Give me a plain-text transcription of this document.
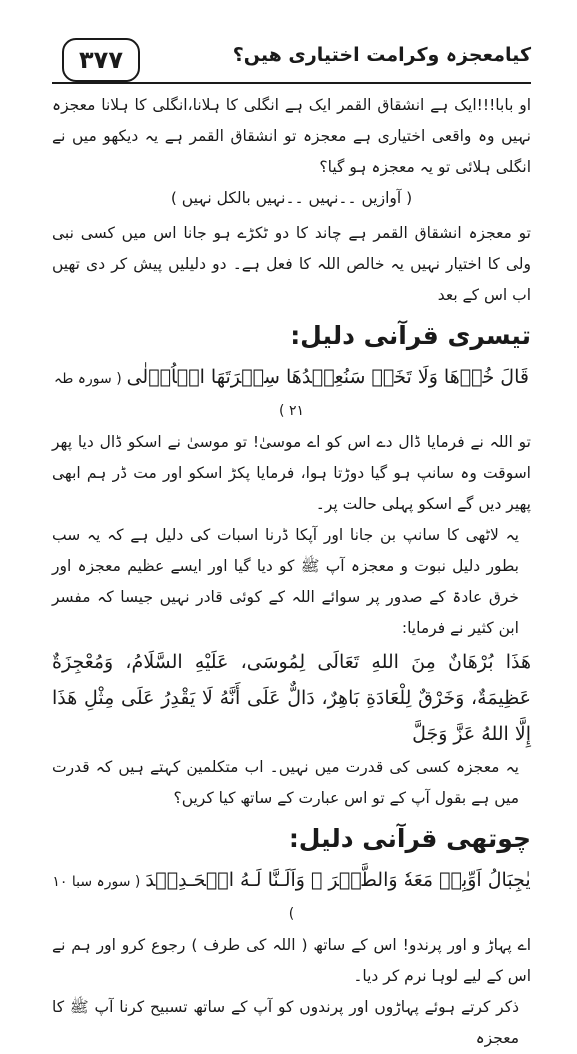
۳۷۷	کیامعجزہ وکرامت اختیاری ھیں؟

او بابا!!!ایک ہے انشقاق القمر ایک ہے انگلی کا ہلانا،انگلی کا ہلانا معجزہ نہیں وہ واقعی اختیاری ہے معجزہ تو انشقاق القمر ہے یہ دیکھو میں نے انگلی ہلائی تو یہ معجزہ ہو گیا؟

( آوازیں ۔۔نہیں ۔۔نہیں بالکل نہیں )

تو معجزہ انشقاق القمر ہے چاند کا دو ٹکڑے ہو جانا اس میں کسی نبی ولی کا اختیار نہیں یہ خالص اللہ کا فعل ہے۔ دو دلیلیں پیش کر دی تھیں اب اس کے بعد

تیسری قرآنی دلیل:

قَالَ خُذۡهَا وَلَا تَخَفۡ سَنُعِيۡدُهَا سِيۡرَتَهَا الۡاُوۡلٰى ( سورہ طہ ۲۱ )

تو اللہ نے فرمایا ڈال دے اس کو اے موسیٰ! تو موسیٰ نے اسکو ڈال دیا پھر اسوقت وہ سانپ ہو گیا دوڑتا ہوا، فرمایا پکڑ اسکو اور مت ڈر ہم ابھی پھیر دیں گے اسکو پہلی حالت پر۔

یہ لاٹھی کا سانپ بن جانا اور آپکا ڈرنا اسبات کی دلیل ہے کہ یہ سب بطور دلیل نبوت و معجزہ آپ ﷺ کو دیا گیا اور ایسے عظیم معجزہ اور خرق عادۃ کے صدور پر سوائے اللہ کے کوئی قادر نہیں جیسا کہ مفسر ابن کثیر نے فرمایا:

هَذَا بُرْهَانٌ مِنَ اللهِ تَعَالَى لِمُوسَى، عَلَيْهِ السَّلَامُ، وَمُعْجِزَةٌ عَظِيمَةٌ، وَخَرْقٌ لِلْعَادَةِ بَاهِرٌ، دَالٌّ عَلَى أَنَّهُ لَا يَقْدِرُ عَلَى مِثْلِ هَذَا إِلَّا اللهُ عَزَّ وَجَلَّ

یہ معجزہ کسی کی قدرت میں نہیں۔ اب متکلمین کہتے ہیں کہ قدرت میں ہے بقول آپ کے تو اس عبارت کے ساتھ کیا کریں؟

چوتھی قرآنی دلیل:

يٰجِبَالُ اَوِّبِىۡ مَعَهٗ وَالطَّيۡرَ ۚ وَاَلَـنَّا لَـهُ الۡحَـدِيۡدَ ( سورہ سبا ۱۰ )

اے پہاڑ و اور پرندو! اس کے ساتھ ( اللہ کی طرف ) رجوع کرو اور ہم نے اس کے لیے لوہا نرم کر دیا۔

ذکر کرتے ہوئے پہاڑوں اور پرندوں کو آپ کے ساتھ تسبیح کرنا آپ ﷺ کا معجزہ
